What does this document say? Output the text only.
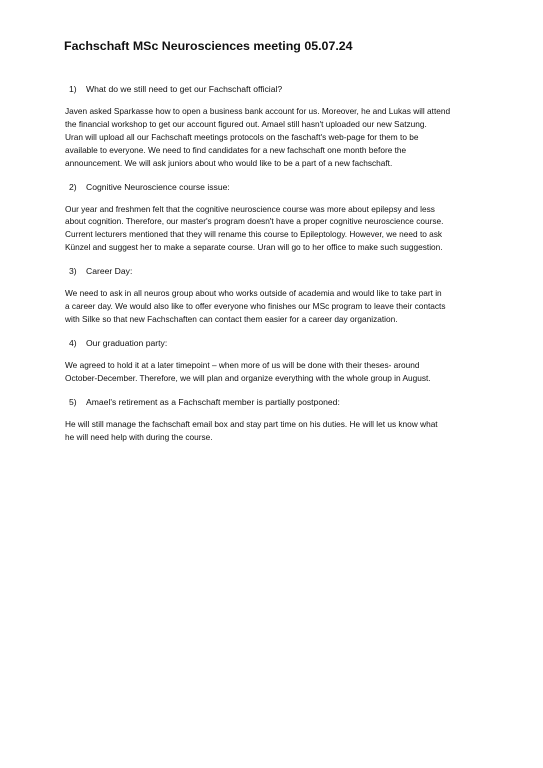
Fachschaft MSc Neurosciences meeting 05.07.24
1) What do we still need to get our Fachschaft official?
Javen asked Sparkasse how to open a business bank account for us. Moreover, he and Lukas will attend
the financial workshop to get our account figured out. Amael still hasn't uploaded our new Satzung.
Uran will upload all our Fachschaft meetings protocols on the faschaft's web-page for them to be
available to everyone. We need to find candidates for a new fachschaft one month before the
announcement. We will ask juniors about who would like to be a part of a new fachschaft.
2) Cognitive Neuroscience course issue:
Our year and freshmen felt that the cognitive neuroscience course was more about epilepsy and less
about cognition. Therefore, our master's program doesn't have a proper cognitive neuroscience course.
Current lecturers mentioned that they will rename this course to Epileptology. However, we need to ask
Künzel and suggest her to make a separate course. Uran will go to her office to make such suggestion.
3) Career Day:
We need to ask in all neuros group about who works outside of academia and would like to take part in
a career day. We would also like to offer everyone who finishes our MSc program to leave their contacts
with Silke so that new Fachschaften can contact them easier for a career day organization.
4) Our graduation party:
We agreed to hold it at a later timepoint – when more of us will be done with their theses- around
October-December. Therefore, we will plan and organize everything with the whole group in August.
5) Amael's retirement as a Fachschaft member is partially postponed:
He will still manage the fachschaft email box and stay part time on his duties. He will let us know what
he will need help with during the course.
